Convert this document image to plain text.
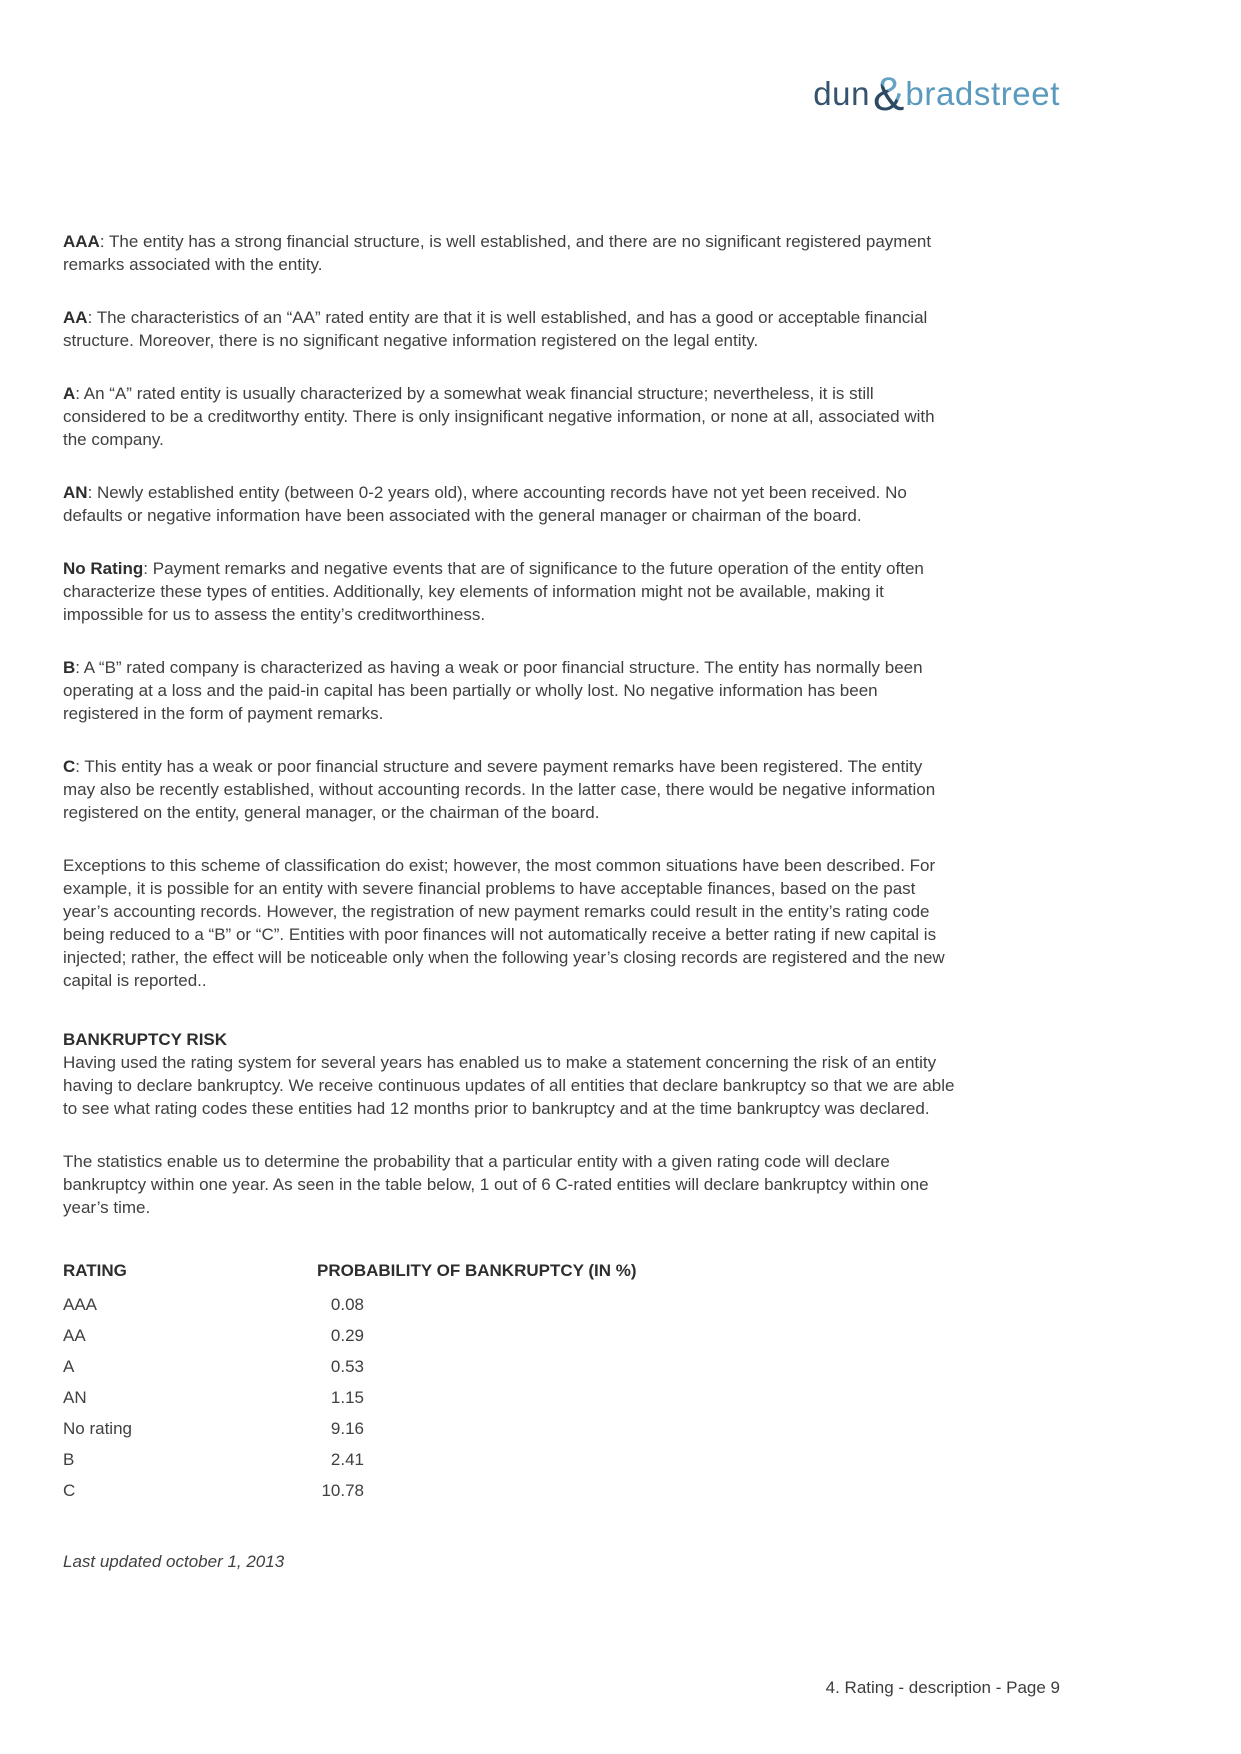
dun & bradstreet

AAA: The entity has a strong financial structure, is well established, and there are no significant registered payment remarks associated with the entity.

AA: The characteristics of an “AA” rated entity are that it is well established, and has a good or acceptable financial structure. Moreover, there is no significant negative information registered on the legal entity.

A: An “A” rated entity is usually characterized by a somewhat weak financial structure; nevertheless, it is still considered to be a creditworthy entity. There is only insignificant negative information, or none at all, associated with the company.

AN: Newly established entity (between 0-2 years old), where accounting records have not yet been received. No defaults or negative information have been associated with the general manager or chairman of the board.

No Rating: Payment remarks and negative events that are of significance to the future operation of the entity often characterize these types of entities. Additionally, key elements of information might not be available, making it impossible for us to assess the entity’s creditworthiness.

B: A “B” rated company is characterized as having a weak or poor financial structure. The entity has normally been operating at a loss and the paid-in capital has been partially or wholly lost. No negative information has been registered in the form of payment remarks.

C: This entity has a weak or poor financial structure and severe payment remarks have been registered. The entity may also be recently established, without accounting records. In the latter case, there would be negative information registered on the entity, general manager, or the chairman of the board.

Exceptions to this scheme of classification do exist; however, the most common situations have been described. For example, it is possible for an entity with severe financial problems to have acceptable finances, based on the past year’s accounting records. However, the registration of new payment remarks could result in the entity’s rating code being reduced to a “B” or “C”. Entities with poor finances will not automatically receive a better rating if new capital is injected; rather, the effect will be noticeable only when the following year’s closing records are registered and the new capital is reported..

BANKRUPTCY RISK

Having used the rating system for several years has enabled us to make a statement concerning the risk of an entity having to declare bankruptcy. We receive continuous updates of all entities that declare bankruptcy so that we are able to see what rating codes these entities had 12 months prior to bankruptcy and at the time bankruptcy was declared.

The statistics enable us to determine the probability that a particular entity with a given rating code will declare bankruptcy within one year. As seen in the table below, 1 out of 6 C-rated entities will declare bankruptcy within one year’s time.

RATING	PROBABILITY OF BANKRUPTCY (IN %)
AAA	0.08
AA	0.29
A	0.53
AN	1.15
No rating	9.16
B	2.41
C	10.78

Last updated october 1, 2013

4. Rating - description - Page 9
